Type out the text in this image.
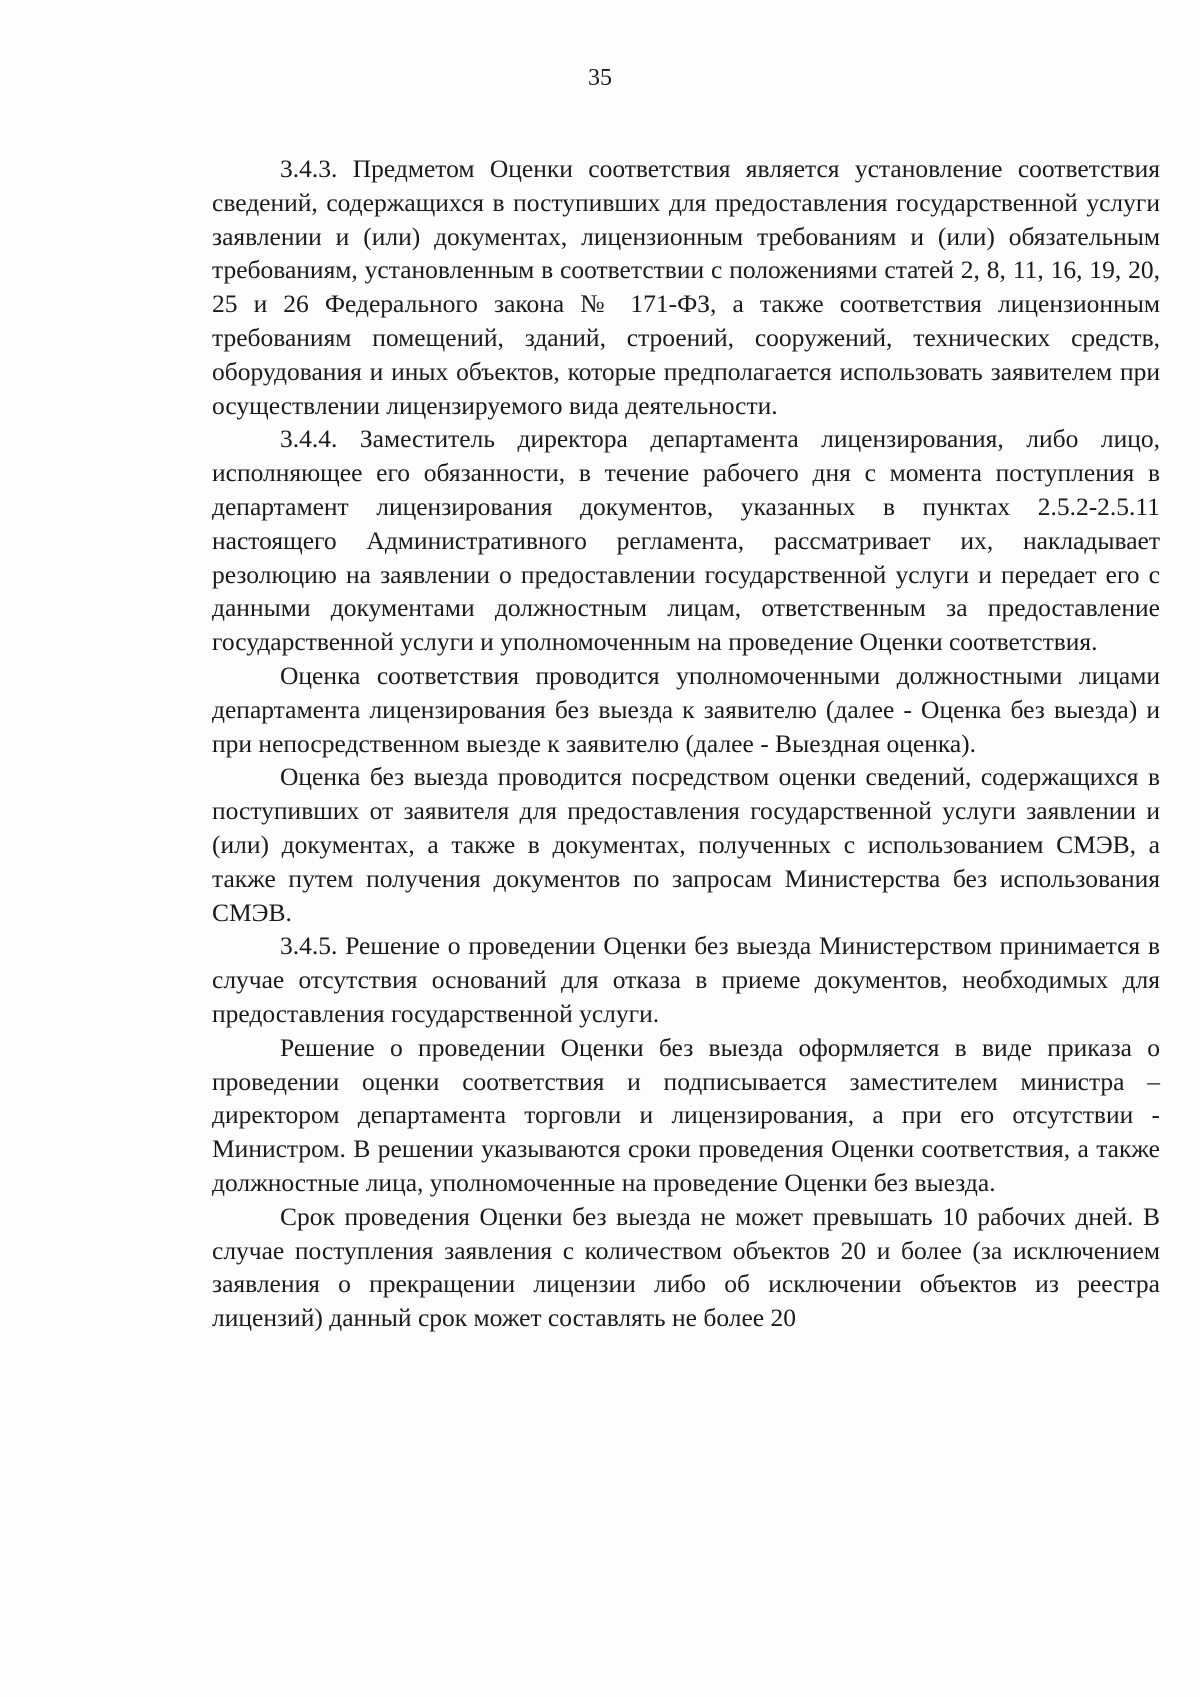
35

3.4.3. Предметом Оценки соответствия является установление соответствия сведений, содержащихся в поступивших для предоставления государственной услуги заявлении и (или) документах, лицензионным требованиям и (или) обязательным требованиям, установленным в соответствии с положениями статей 2, 8, 11, 16, 19, 20, 25 и 26 Федерального закона № 171-ФЗ, а также соответствия лицензионным требованиям помещений, зданий, строений, сооружений, технических средств, оборудования и иных объектов, которые предполагается использовать заявителем при осуществлении лицензируемого вида деятельности.

3.4.4. Заместитель директора департамента лицензирования, либо лицо, исполняющее его обязанности, в течение рабочего дня с момента поступления в департамент лицензирования документов, указанных в пунктах 2.5.2-2.5.11 настоящего Административного регламента, рассматривает их, накладывает резолюцию на заявлении о предоставлении государственной услуги и передает его с данными документами должностным лицам, ответственным за предоставление государственной услуги и уполномоченным на проведение Оценки соответствия.

Оценка соответствия проводится уполномоченными должностными лицами департамента лицензирования без выезда к заявителю (далее - Оценка без выезда) и при непосредственном выезде к заявителю (далее - Выездная оценка).

Оценка без выезда проводится посредством оценки сведений, содержащихся в поступивших от заявителя для предоставления государственной услуги заявлении и (или) документах, а также в документах, полученных с использованием СМЭВ, а также путем получения документов по запросам Министерства без использования СМЭВ.

3.4.5. Решение о проведении Оценки без выезда Министерством принимается в случае отсутствия оснований для отказа в приеме документов, необходимых для предоставления государственной услуги.

Решение о проведении Оценки без выезда оформляется в виде приказа о проведении оценки соответствия и подписывается заместителем министра – директором департамента торговли и лицензирования, а при его отсутствии - Министром. В решении указываются сроки проведения Оценки соответствия, а также должностные лица, уполномоченные на проведение Оценки без выезда.

Срок проведения Оценки без выезда не может превышать 10 рабочих дней. В случае поступления заявления с количеством объектов 20 и более (за исключением заявления о прекращении лицензии либо об исключении объектов из реестра лицензий) данный срок может составлять не более 20
